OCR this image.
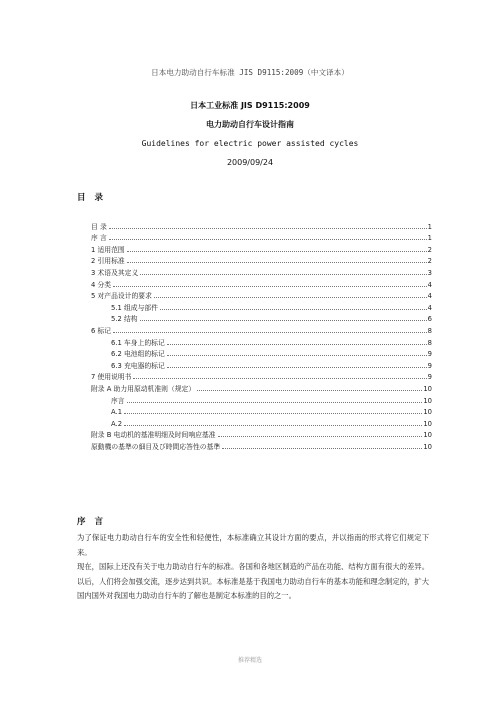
日本电力助动自行车标准 JIS D9115:2009（中文译本）
日本工业标准 JIS D9115:2009
电力助动自行车设计指南
Guidelines for electric power assisted cycles
2009/09/24
目 录
目 录	1
序 言	1
1 适用范围	2
2 引用标准	2
3 术语及其定义	3
4 分类	4
5 对产品设计的要求	4
5.1 组成与部件	4
5.2 结构	6
6 标记	8
6.1 车身上的标记	8
6.2 电池组的标记	9
6.3 充电器的标记	9
7 使用说明书	9
附录 A 助力用原动机准则（规定）	10
序言	10
A.1	10
A.2	10
附录 B 电动机的基准明细及时间响应基准	10
原動機の基準の細目及び時間応答性の基準	10
序 言

为了保证电力助动自行车的安全性和轻便性，本标准确立其设计方面的要点，并以指南的形式将它们规定下来。

现在，国际上还没有关于电力助动自行车的标准。各国和各地区制造的产品在功能、结构方面有很大的差异。以后，人们将会加强交流，逐步达到共识。本标准是基于我国电力助动自行车的基本功能和理念制定的，扩大国内国外对我国电力助动自行车的了解也是制定本标准的目的之一。

推荐精选
